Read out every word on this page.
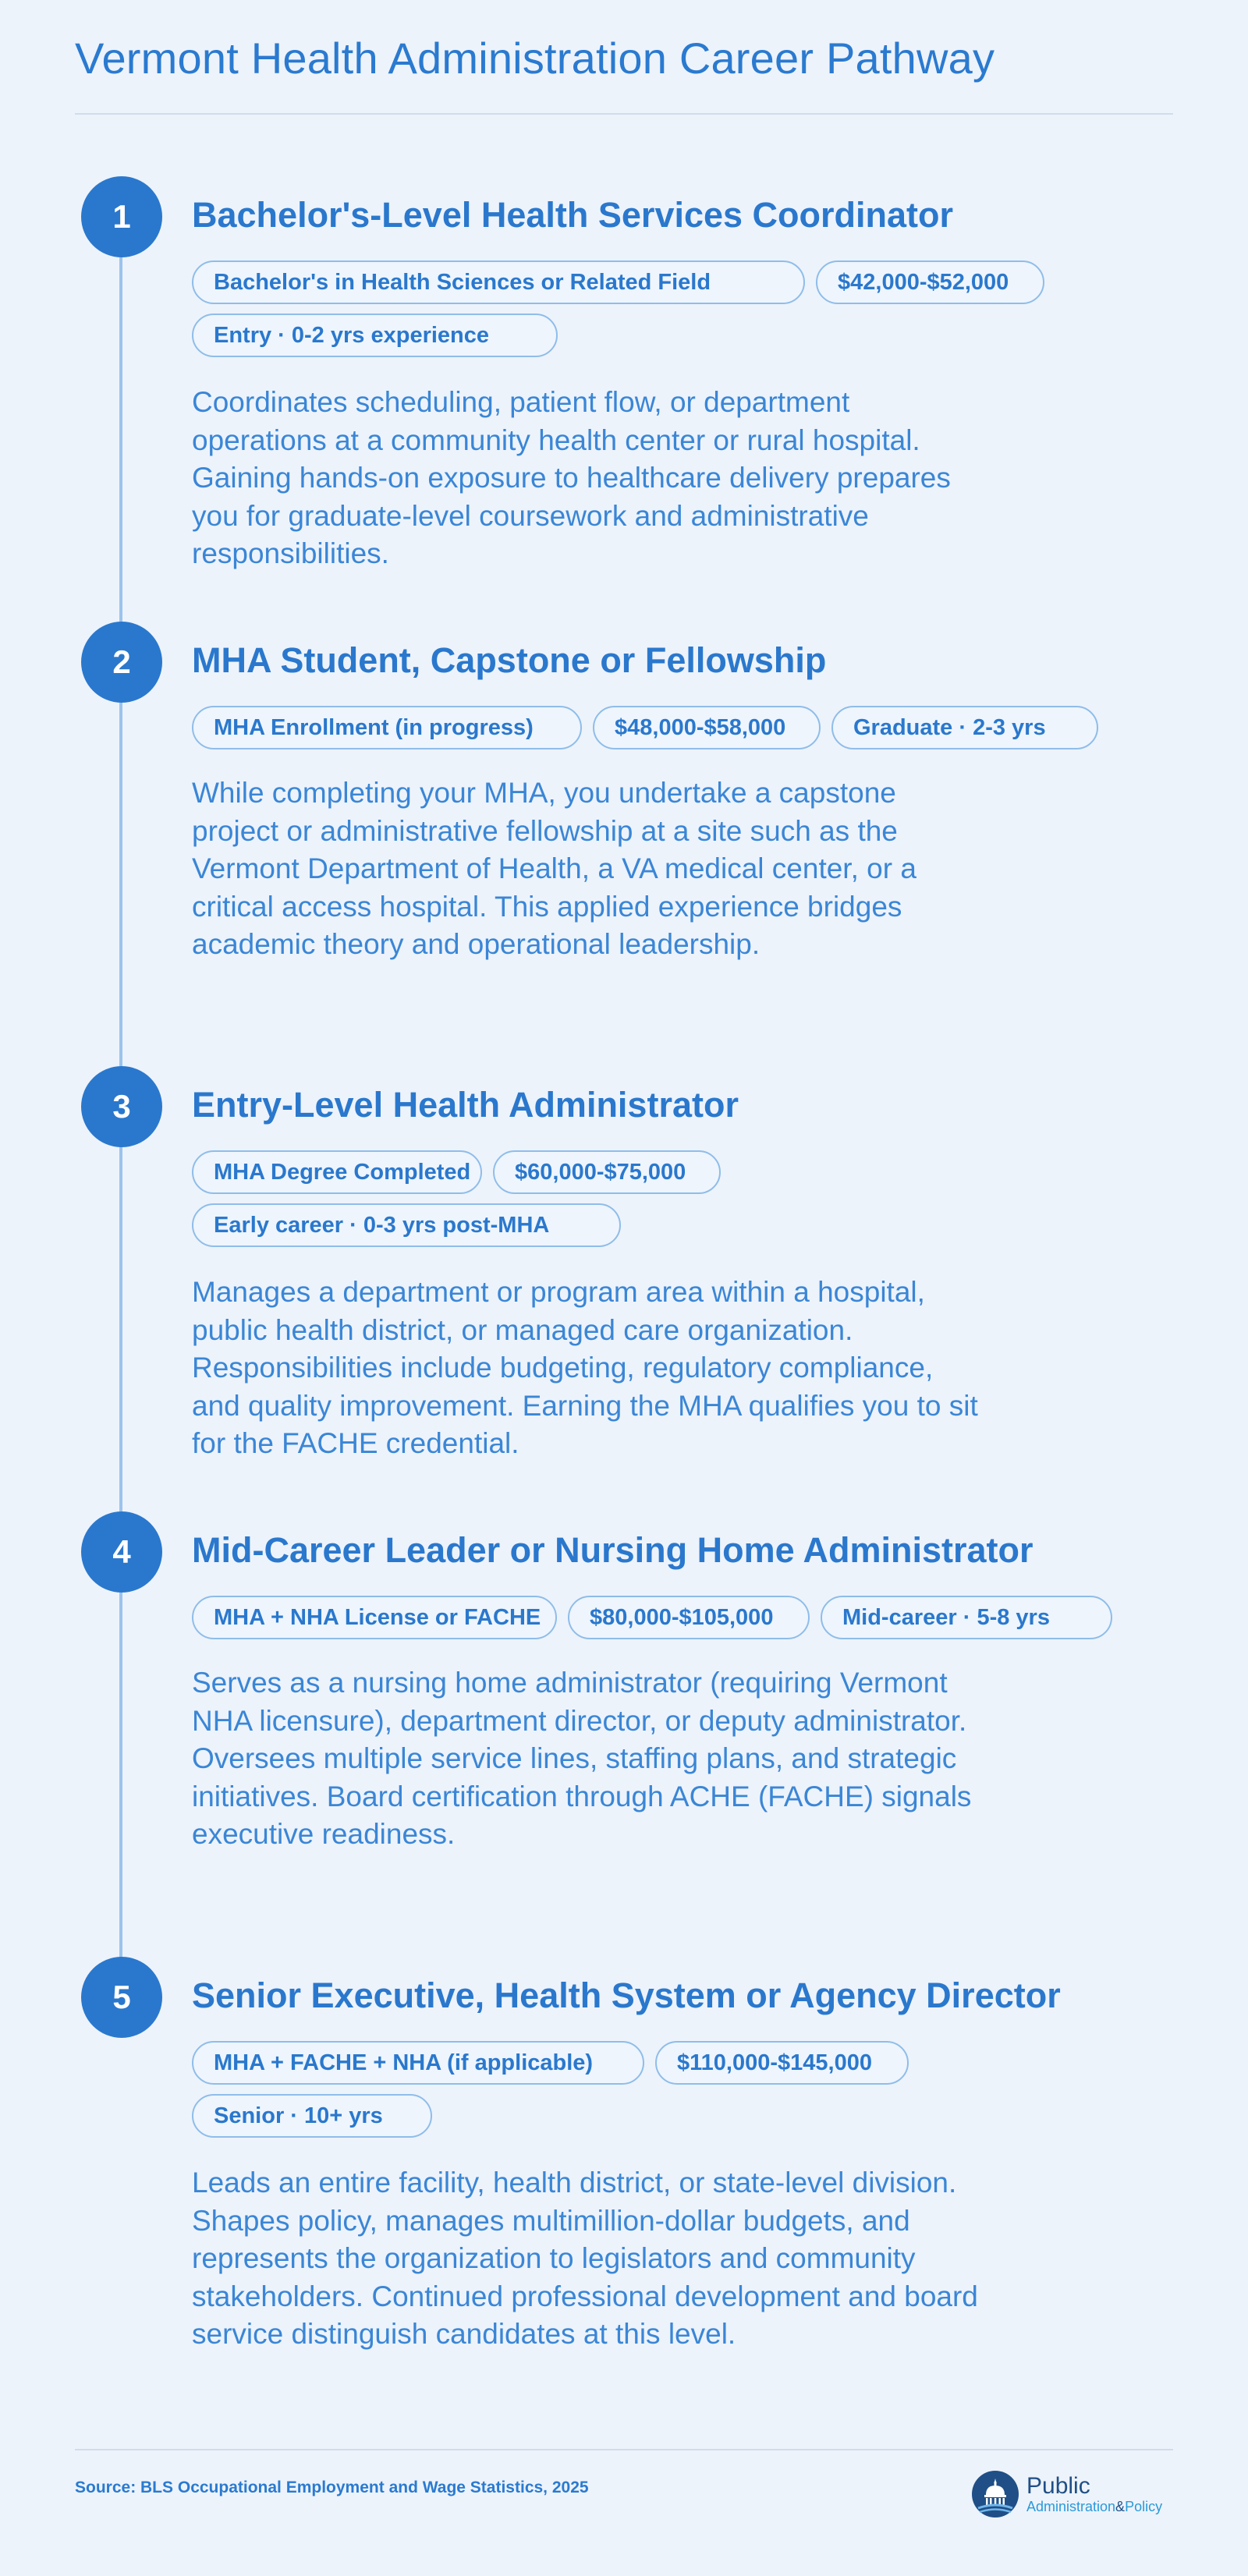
Vermont Health Administration Career Pathway
1	Bachelor's-Level Health Services Coordinator
Bachelor's in Health Sciences or Related Field	$42,000-$52,000
Entry · 0-2 yrs experience

Coordinates scheduling, patient flow, or department operations at a community health center or rural hospital. Gaining hands-on exposure to healthcare delivery prepares you for graduate-level coursework and administrative responsibilities.

2	MHA Student, Capstone or Fellowship
MHA Enrollment (in progress)	$48,000-$58,000	Graduate · 2-3 yrs

While completing your MHA, you undertake a capstone project or administrative fellowship at a site such as the Vermont Department of Health, a VA medical center, or a critical access hospital. This applied experience bridges academic theory and operational leadership.

3	Entry-Level Health Administrator
MHA Degree Completed	$60,000-$75,000
Early career · 0-3 yrs post-MHA

Manages a department or program area within a hospital, public health district, or managed care organization. Responsibilities include budgeting, regulatory compliance, and quality improvement. Earning the MHA qualifies you to sit for the FACHE credential.

4	Mid-Career Leader or Nursing Home Administrator
MHA + NHA License or FACHE	$80,000-$105,000	Mid-career · 5-8 yrs

Serves as a nursing home administrator (requiring Vermont NHA licensure), department director, or deputy administrator. Oversees multiple service lines, staffing plans, and strategic initiatives. Board certification through ACHE (FACHE) signals executive readiness.

5	Senior Executive, Health System or Agency Director
MHA + FACHE + NHA (if applicable)	$110,000-$145,000
Senior · 10+ yrs

Leads an entire facility, health district, or state-level division. Shapes policy, manages multimillion-dollar budgets, and represents the organization to legislators and community stakeholders. Continued professional development and board service distinguish candidates at this level.

Source: BLS Occupational Employment and Wage Statistics, 2025	Public
Administration&Policy
